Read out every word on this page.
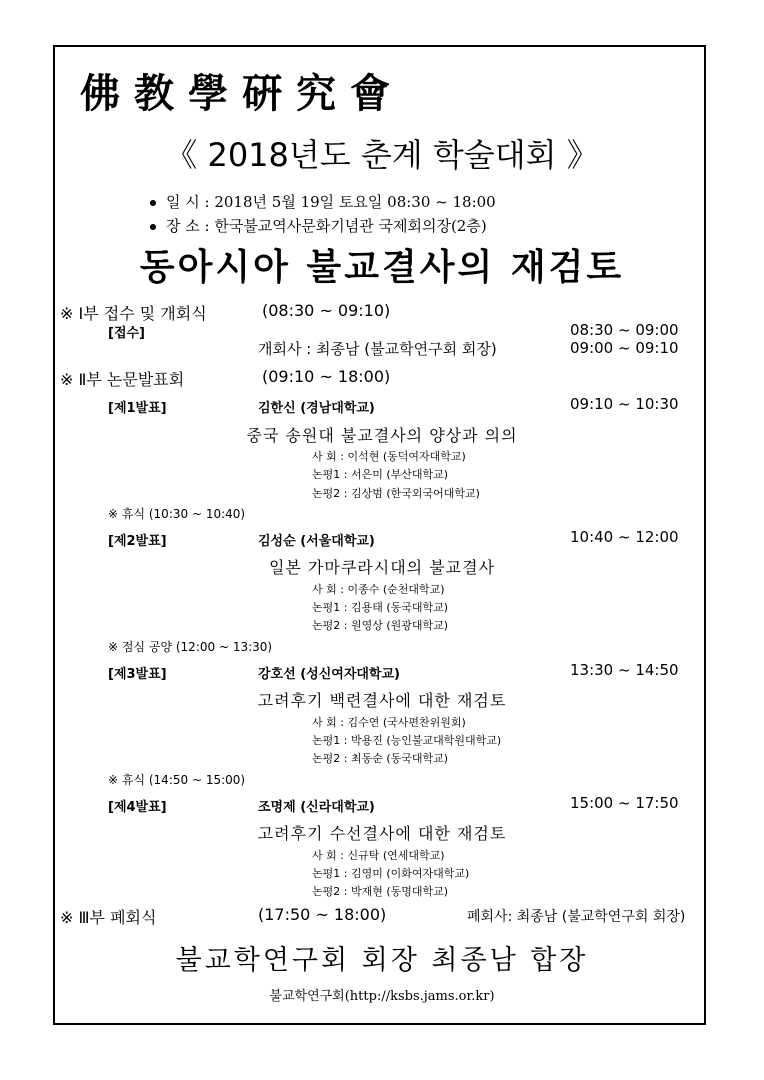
佛教學硏究會
《 2018년도 춘계 학술대회 》
일 시 : 2018년 5월 19일 토요일 08:30 ~ 18:00
장 소 : 한국불교역사문화기념관 국제회의장(2층)
동아시아 불교결사의 재검토
※ Ⅰ부 접수 및 개회식	(08:30 ~ 09:10)
[접수]	08:30 ~ 09:00
개회사 : 최종남 (불교학연구회 회장)	09:00 ~ 09:10
※ Ⅱ부 논문발표회	(09:10 ~ 18:00)
[제1발표]	김한신 (경남대학교)	09:10 ~ 10:30
중국 송원대 불교결사의 양상과 의의
사 회 : 이석현 (동덕여자대학교)
논평1 : 서은미 (부산대학교)
논평2 : 김상범 (한국외국어대학교)
※ 휴식 (10:30 ~ 10:40)
[제2발표]	김성순 (서울대학교)	10:40 ~ 12:00
일본 가마쿠라시대의 불교결사
사 회 : 이종수 (순천대학교)
논평1 : 김용태 (동국대학교)
논평2 : 원영상 (원광대학교)
※ 점심 공양 (12:00 ~ 13:30)
[제3발표]	강호선 (성신여자대학교)	13:30 ~ 14:50
고려후기 백련결사에 대한 재검토
사 회 : 김수연 (국사편찬위원회)
논평1 : 박용진 (능인불교대학원대학교)
논평2 : 최동순 (동국대학교)
※ 휴식 (14:50 ~ 15:00)
[제4발표]	조명제 (신라대학교)	15:00 ~ 17:50
고려후기 수선결사에 대한 재검토
사 회 : 신규탁 (연세대학교)
논평1 : 김영미 (이화여자대학교)
논평2 : 박재현 (동명대학교)
※ Ⅲ부 폐회식	(17:50 ~ 18:00)	폐회사: 최종남 (불교학연구회 회장)
불교학연구회 회장 최종남 합장
불교학연구회(http://ksbs.jams.or.kr)
